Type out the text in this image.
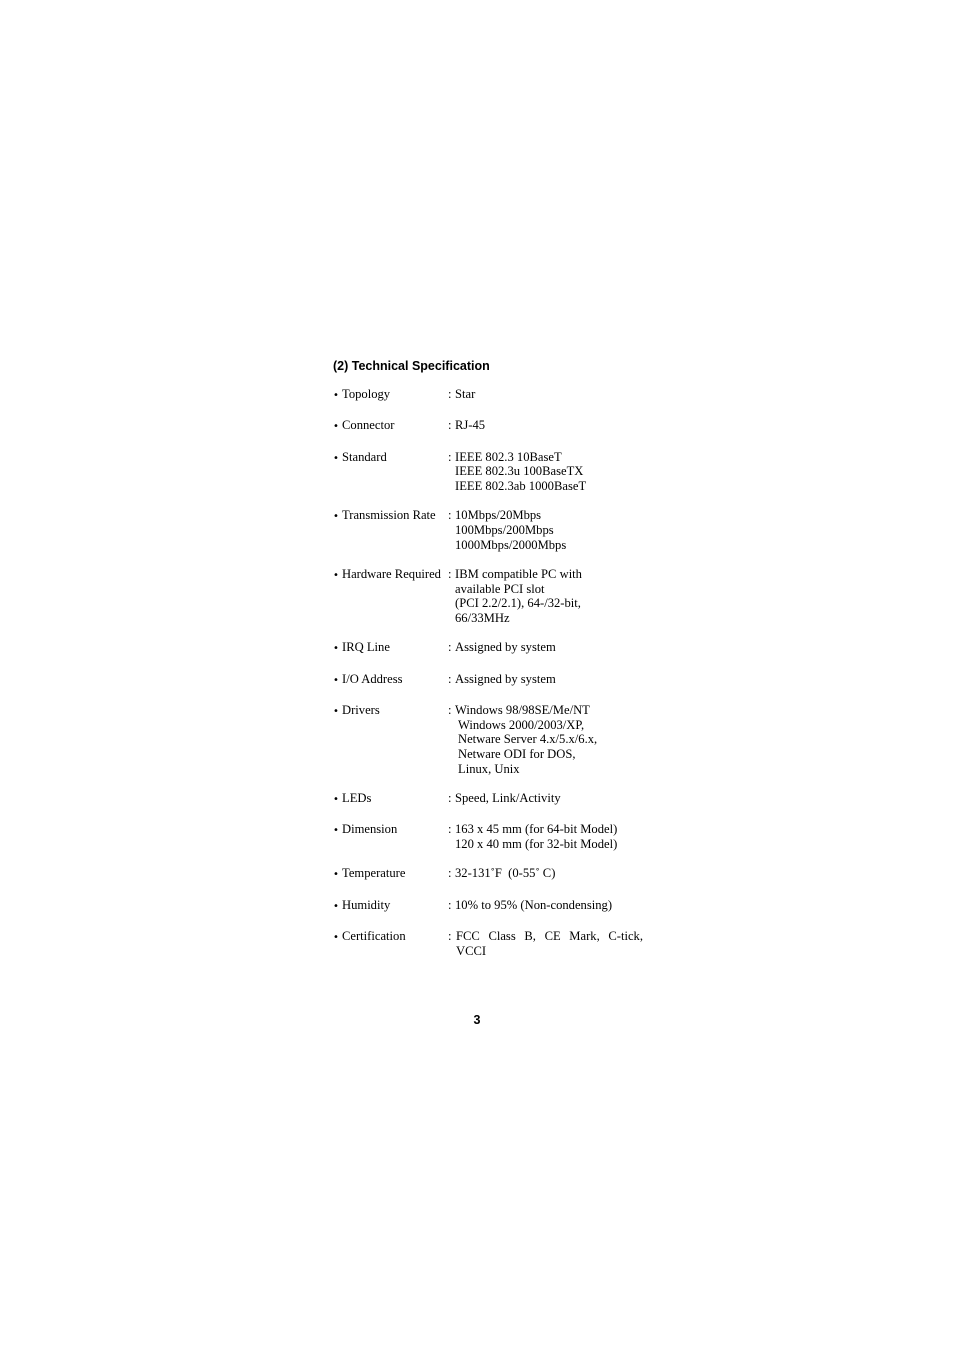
(2) Technical Specification
• Topology	: Star
• Connector	: RJ-45
• Standard	: IEEE 802.3 10BaseT
IEEE 802.3u 100BaseTX
IEEE 802.3ab 1000BaseT
• Transmission Rate : 10Mbps/20Mbps
100Mbps/200Mbps
1000Mbps/2000Mbps
• Hardware Required : IBM compatible PC with
available PCI slot
(PCI 2.2/2.1), 64-/32-bit,
66/33MHz
• IRQ Line	: Assigned by system
• I/O Address	: Assigned by system
• Drivers	: Windows 98/98SE/Me/NT
Windows 2000/2003/XP,
Netware Server 4.x/5.x/6.x,
Netware ODI for DOS,
Linux, Unix
• LEDs	: Speed, Link/Activity
• Dimension	: 163 x 45 mm (for 64-bit Model)
120 x 40 mm (for 32-bit Model)
• Temperature	: 32-131˚F  (0-55˚ C)
• Humidity	: 10% to 95% (Non-condensing)
• Certification	: FCC Class B, CE Mark, C-tick,
VCCI
3
